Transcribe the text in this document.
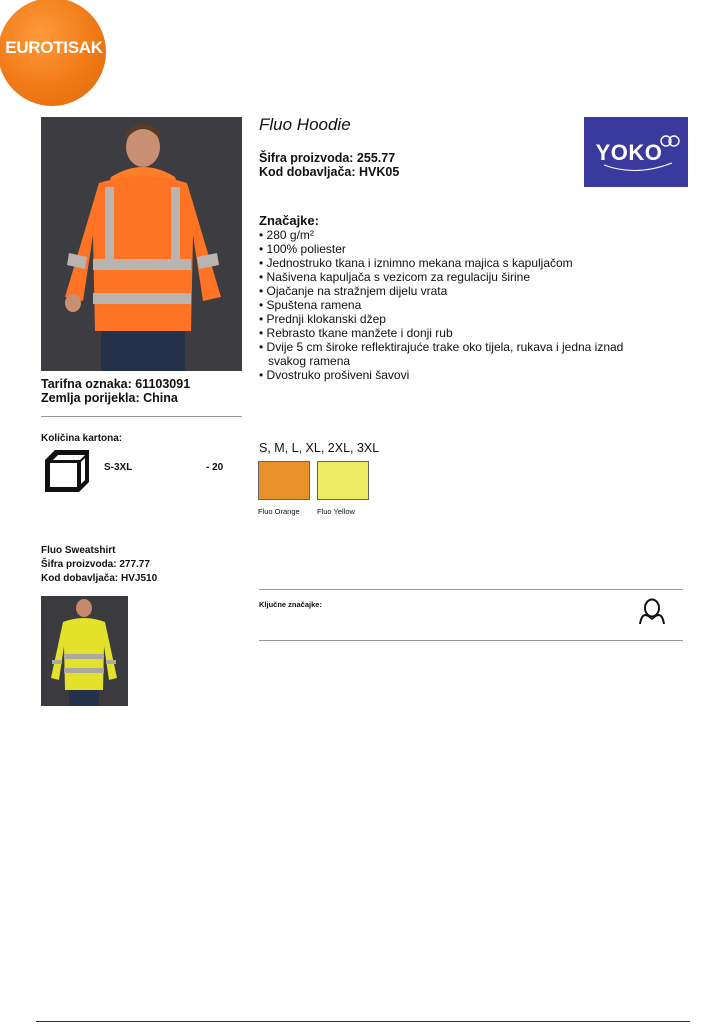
EUROTISAK
Fluo Hoodie
Šifra proizvoda: 255.77
Kod dobavljača: HVK05
YOKO
Značajke:
• 280 g/m²
• 100% poliester
• Jednostruko tkana i iznimno mekana majica s kapuljačom
• Našivena kapuljača s vezicom za regulaciju širine
• Ojačanje na stražnjem dijelu vrata
• Spuštena ramena
• Prednji klokanski džep
• Rebrasto tkane manžete i donji rub
• Dvije 5 cm široke reflektirajuće trake oko tijela, rukava i jedna iznad svakog ramena
• Dvostruko prošiveni šavovi
Tarifna oznaka: 61103091
Zemlja porijekla: China
Količina kartona:
S-3XL	- 20
S, M, L, XL, 2XL, 3XL
Fluo Orange Fluo Yellow
Fluo Sweatshirt
Šifra proizvoda: 277.77
Kod dobavljača: HVJ510
Ključne značajke:
